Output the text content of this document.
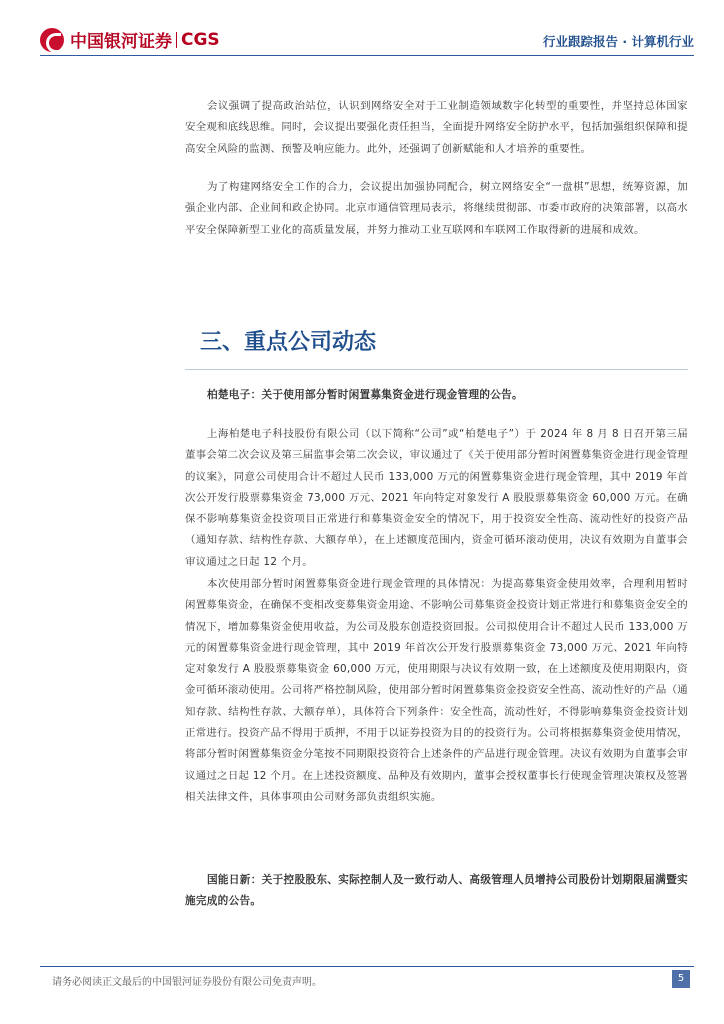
中国银河证券 CGS	行业跟踪报告 · 计算机行业

会议强调了提高政治站位，认识到网络安全对于工业制造领域数字化转型的重要性，并坚持总体国家安全观和底线思维。同时，会议提出要强化责任担当，全面提升网络安全防护水平，包括加强组织保障和提高安全风险的监测、预警及响应能力。此外，还强调了创新赋能和人才培养的重要性。

为了构建网络安全工作的合力，会议提出加强协同配合，树立网络安全“一盘棋”思想，统筹资源，加强企业内部、企业间和政企协同。北京市通信管理局表示，将继续贯彻部、市委市政府的决策部署，以高水平安全保障新型工业化的高质量发展，并努力推动工业互联网和车联网工作取得新的进展和成效。

三、重点公司动态

柏楚电子：关于使用部分暂时闲置募集资金进行现金管理的公告。

上海柏楚电子科技股份有限公司（以下简称“公司”或“柏楚电子”）于 2024 年 8 月 8 日召开第三届董事会第二次会议及第三届监事会第二次会议，审议通过了《关于使用部分暂时闲置募集资金进行现金管理的议案》，同意公司使用合计不超过人民币 133,000 万元的闲置募集资金进行现金管理，其中 2019 年首次公开发行股票募集资金 73,000 万元、2021 年向特定对象发行 A 股股票募集资金 60,000 万元。在确保不影响募集资金投资项目正常进行和募集资金安全的情况下，用于投资安全性高、流动性好的投资产品（通知存款、结构性存款、大额存单），在上述额度范围内，资金可循环滚动使用，决议有效期为自董事会审议通过之日起 12 个月。

本次使用部分暂时闲置募集资金进行现金管理的具体情况：为提高募集资金使用效率，合理利用暂时闲置募集资金，在确保不变相改变募集资金用途、不影响公司募集资金投资计划正常进行和募集资金安全的情况下，增加募集资金使用收益，为公司及股东创造投资回报。公司拟使用合计不超过人民币 133,000 万元的闲置募集资金进行现金管理，其中 2019 年首次公开发行股票募集资金 73,000 万元、2021 年向特定对象发行 A 股股票募集资金 60,000 万元，使用期限与决议有效期一致，在上述额度及使用期限内，资金可循环滚动使用。公司将严格控制风险，使用部分暂时闲置募集资金投资安全性高、流动性好的产品（通知存款、结构性存款、大额存单），具体符合下列条件：安全性高，流动性好，不得影响募集资金投资计划正常进行。投资产品不得用于质押，不用于以证券投资为目的的投资行为。公司将根据募集资金使用情况，将部分暂时闲置募集资金分笔按不同期限投资符合上述条件的产品进行现金管理。决议有效期为自董事会审议通过之日起 12 个月。在上述投资额度、品种及有效期内，董事会授权董事长行使现金管理决策权及签署相关法律文件，具体事项由公司财务部负责组织实施。

国能日新：关于控股股东、实际控制人及一致行动人、高级管理人员增持公司股份计划期限届满暨实施完成的公告。

请务必阅读正文最后的中国银河证券股份有限公司免责声明。	5
